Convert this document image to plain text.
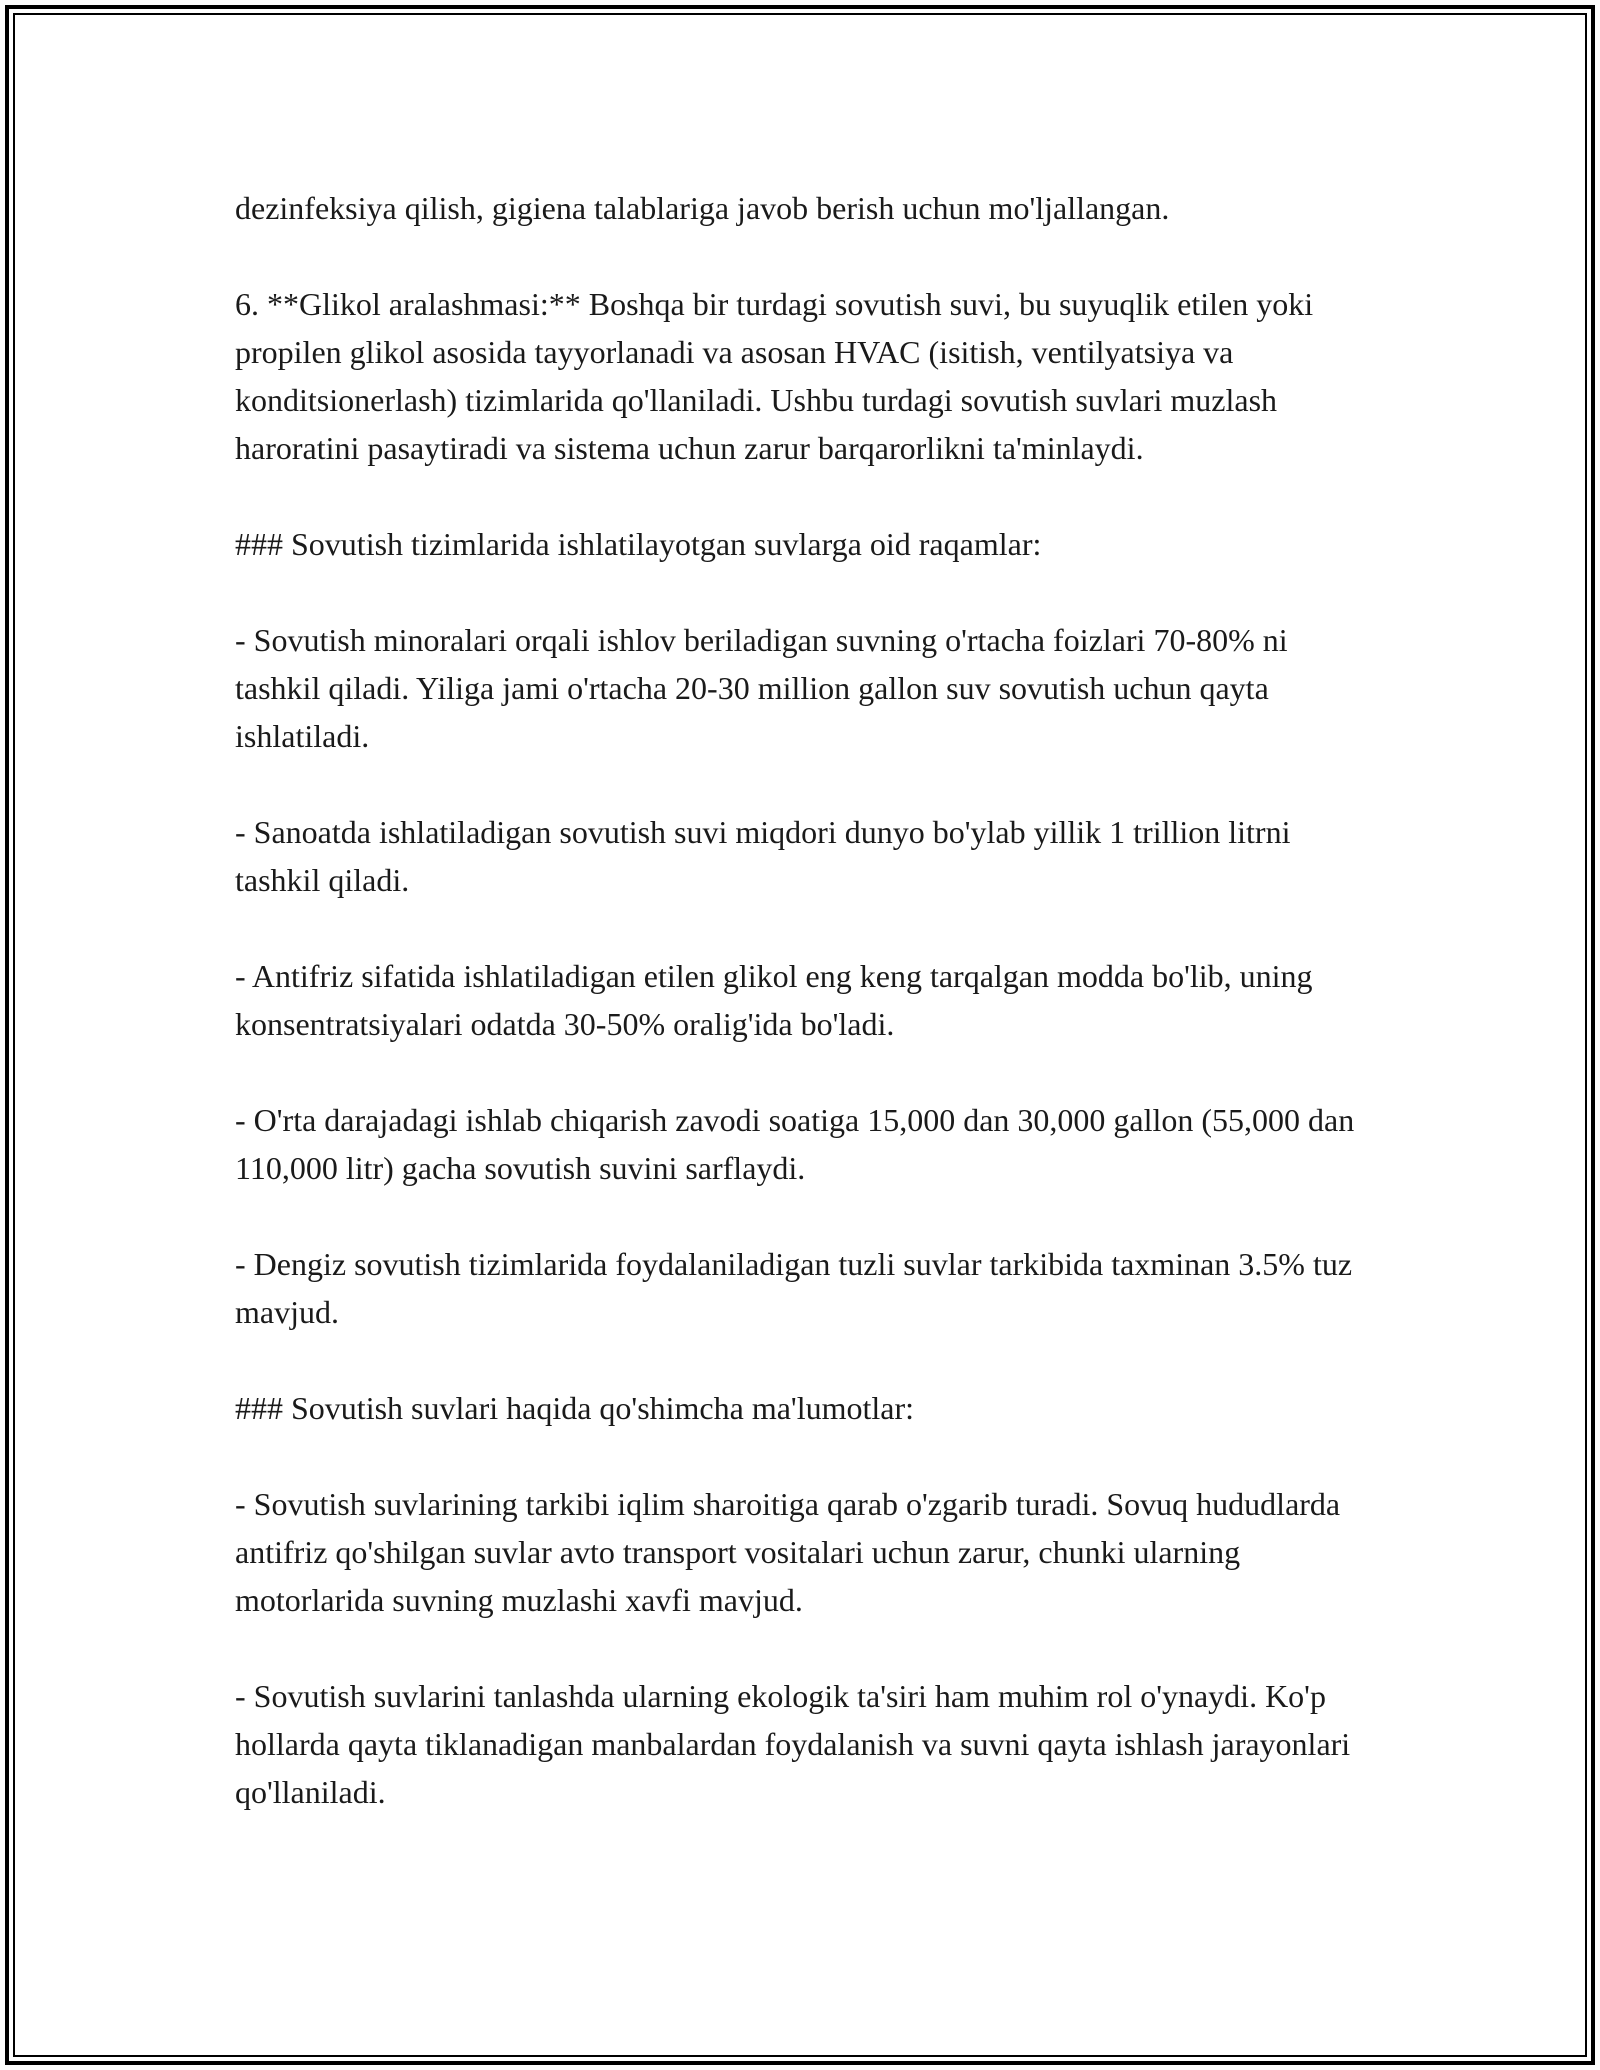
dezinfeksiya qilish, gigiena talablariga javob berish uchun mo'ljallangan.

6. **Glikol aralashmasi:** Boshqa bir turdagi sovutish suvi, bu suyuqlik etilen yoki propilen glikol asosida tayyorlanadi va asosan HVAC (isitish, ventilyatsiya va konditsionerlash) tizimlarida qo'llaniladi. Ushbu turdagi sovutish suvlari muzlash haroratini pasaytiradi va sistema uchun zarur barqarorlikni ta'minlaydi.

### Sovutish tizimlarida ishlatilayotgan suvlarga oid raqamlar:

- Sovutish minoralari orqali ishlov beriladigan suvning o'rtacha foizlari 70-80% ni tashkil qiladi. Yiliga jami o'rtacha 20-30 million gallon suv sovutish uchun qayta ishlatiladi.

- Sanoatda ishlatiladigan sovutish suvi miqdori dunyo bo'ylab yillik 1 trillion litrni tashkil qiladi.

- Antifriz sifatida ishlatiladigan etilen glikol eng keng tarqalgan modda bo'lib, uning konsentratsiyalari odatda 30-50% oralig'ida bo'ladi.

- O'rta darajadagi ishlab chiqarish zavodi soatiga 15,000 dan 30,000 gallon (55,000 dan 110,000 litr) gacha sovutish suvini sarflaydi.

- Dengiz sovutish tizimlarida foydalaniladigan tuzli suvlar tarkibida taxminan 3.5% tuz mavjud.

### Sovutish suvlari haqida qo'shimcha ma'lumotlar:

- Sovutish suvlarining tarkibi iqlim sharoitiga qarab o'zgarib turadi. Sovuq hududlarda antifriz qo'shilgan suvlar avto transport vositalari uchun zarur, chunki ularning motorlarida suvning muzlashi xavfi mavjud.

- Sovutish suvlarini tanlashda ularning ekologik ta'siri ham muhim rol o'ynaydi. Ko'p hollarda qayta tiklanadigan manbalardan foydalanish va suvni qayta ishlash jarayonlari qo'llaniladi.
